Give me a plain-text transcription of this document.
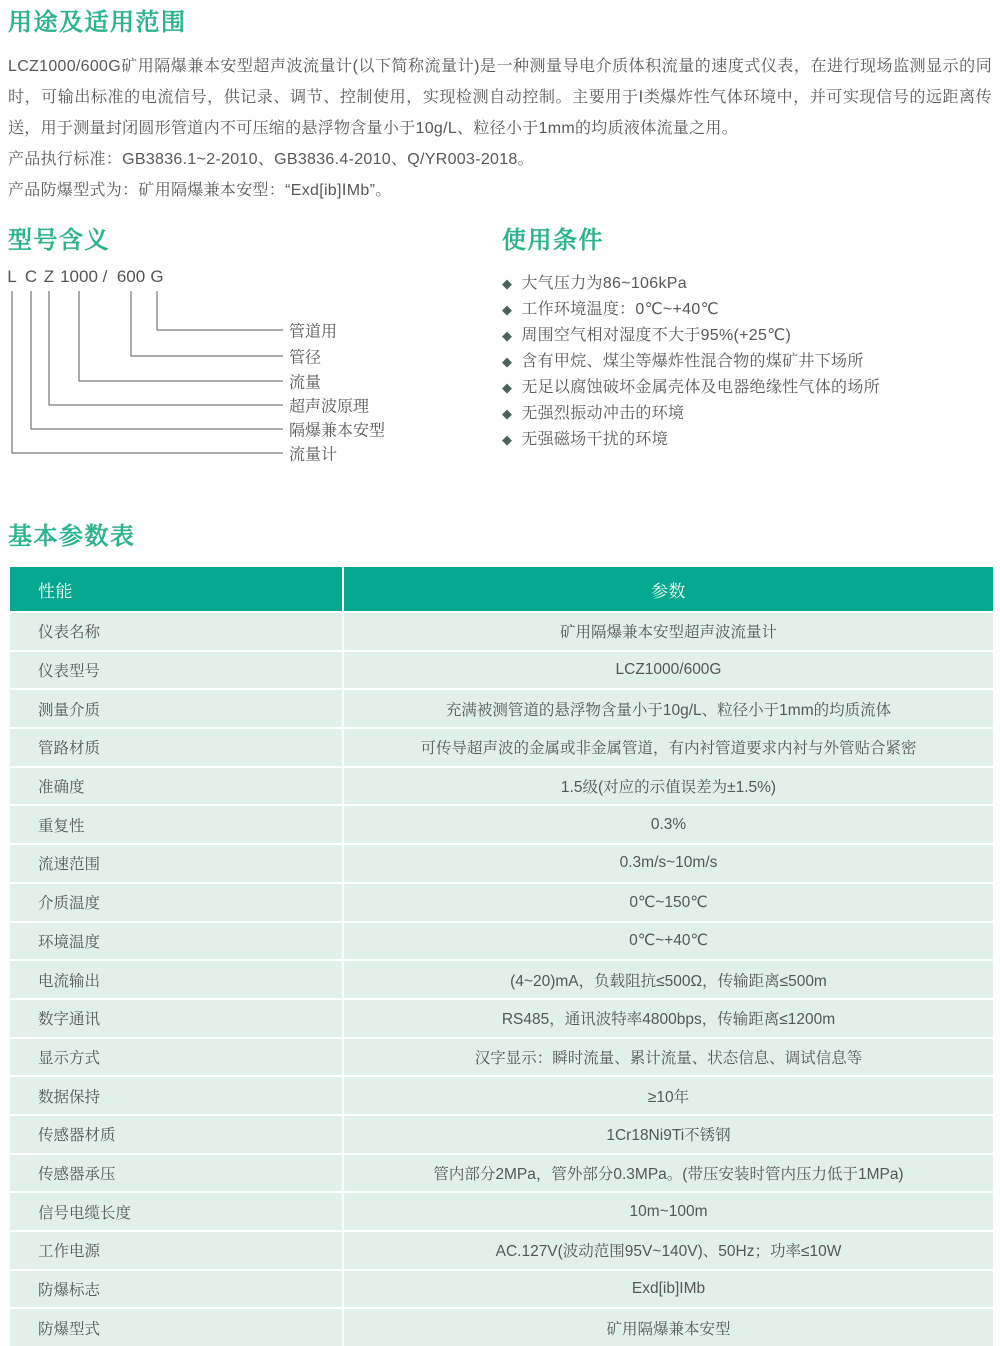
用途及适用范围

LCZ1000/600G矿用隔爆兼本安型超声波流量计(以下简称流量计)是一种测量导电介质体积流量的速度式仪表，在进行现场监测显示的同时，可输出标准的电流信号，供记录、调节、控制使用，实现检测自动控制。主要用于Ⅰ类爆炸性气体环境中，并可实现信号的远距离传送，用于测量封闭圆形管道内不可压缩的悬浮物含量小于10g/L、粒径小于1mm的均质液体流量之用。

产品执行标准：GB3836.1~2-2010、GB3836.4-2010、Q/YR003-2018。
产品防爆型式为：矿用隔爆兼本安型：“Exd[ib]ⅠMb”。
型号含义
L C Z 1000 / 600 G
管道用
管径
流量
超声波原理
隔爆兼本安型
流量计
使用条件
◆ 大气压力为86~106kPa
◆ 工作环境温度：0℃~+40℃
◆ 周围空气相对湿度不大于95%(+25℃)
◆ 含有甲烷、煤尘等爆炸性混合物的煤矿井下场所
◆ 无足以腐蚀破坏金属壳体及电器绝缘性气体的场所
◆ 无强烈振动冲击的环境
◆ 无强磁场干扰的环境
基本参数表
性能	参数
仪表名称	矿用隔爆兼本安型超声波流量计
仪表型号	LCZ1000/600G
测量介质	充满被测管道的悬浮物含量小于10g/L、粒径小于1mm的均质流体
管路材质	可传导超声波的金属或非金属管道，有内衬管道要求内衬与外管贴合紧密
准确度	1.5级(对应的示值误差为±1.5%)
重复性	0.3%
流速范围	0.3m/s~10m/s
介质温度	0℃~150℃
环境温度	0℃~+40℃
电流输出	(4~20)mA，负载阻抗≤500Ω，传输距离≤500m
数字通讯	RS485，通讯波特率4800bps，传输距离≤1200m
显示方式	汉字显示：瞬时流量、累计流量、状态信息、调试信息等
数据保持	≥10年
传感器材质	1Cr18Ni9Ti不锈钢
传感器承压	管内部分2MPa，管外部分0.3MPa。(带压安装时管内压力低于1MPa)
信号电缆长度	10m~100m
工作电源	AC.127V(波动范围95V~140V)、50Hz；功率≤10W
防爆标志	Exd[ib]IMb
防爆型式	矿用隔爆兼本安型
